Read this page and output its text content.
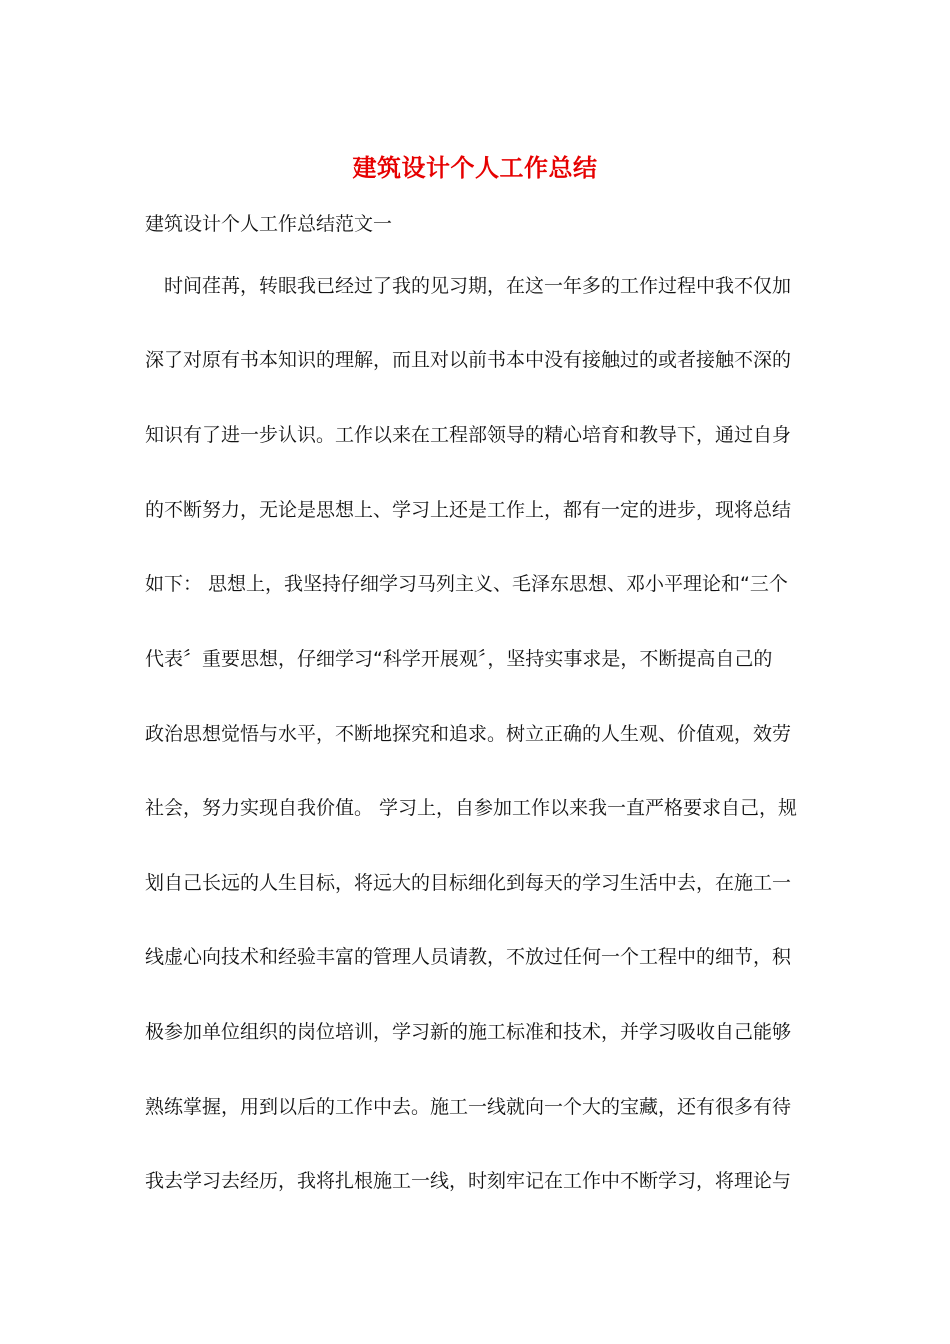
建筑设计个人工作总结
建筑设计个人工作总结范文一
　时间荏苒，转眼我已经过了我的见习期，在这一年多的工作过程中我不仅加
深了对原有书本知识的理解，而且对以前书本中没有接触过的或者接触不深的
知识有了进一步认识。工作以来在工程部领导的精心培育和教导下，通过自身
的不断努力，无论是思想上、学习上还是工作上，都有一定的进步，现将总结
如下： 思想上，我坚持仔细学习马列主义、毛泽东思想、邓小平理论和“三个
代表〞重要思想，仔细学习“科学开展观〞，坚持实事求是，不断提高自己的
政治思想觉悟与水平，不断地探究和追求。树立正确的人生观、价值观，效劳
社会，努力实现自我价值。 学习上，自参加工作以来我一直严格要求自己，规
划自己长远的人生目标，将远大的目标细化到每天的学习生活中去，在施工一
线虚心向技术和经验丰富的管理人员请教，不放过任何一个工程中的细节，积
极参加单位组织的岗位培训，学习新的施工标准和技术，并学习吸收自己能够
熟练掌握，用到以后的工作中去。施工一线就向一个大的宝藏，还有很多有待
我去学习去经历，我将扎根施工一线，时刻牢记在工作中不断学习，将理论与
